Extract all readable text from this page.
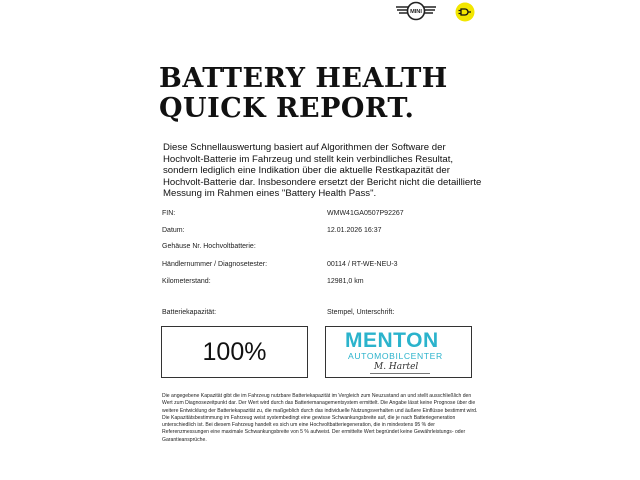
MINI
BATTERY HEALTH
QUICK REPORT.

Diese Schnellauswertung basiert auf Algorithmen der Software der Hochvolt-Batterie im Fahrzeug und stellt kein verbindliches Resultat, sondern lediglich eine Indikation über die aktuelle Restkapazität der Hochvolt-Batterie dar. Insbesondere ersetzt der Bericht nicht die detaillierte Messung im Rahmen eines "Battery Health Pass".

FIN:	WMW41GA0507P92267
Datum:	12.01.2026 16:37
Gehäuse Nr. Hochvoltbatterie:
Händlernummer / Diagnosetester:	00114 / RT-WE-NEU-3
Kilometerstand:	12981,0 km
Batteriekapazität:	Stempel, Unterschrift:
100%	MENTON
AUTOMOBILCENTER
M. Hartel

Die angegebene Kapazität gibt die im Fahrzeug nutzbare Batteriekapazität im Vergleich zum Neuzustand an und stellt ausschließlich den Wert zum Diagnosezeitpunkt dar. Der Wert wird durch das Batteriemanagementsystem ermittelt. Die Angabe lässt keine Prognose über die weitere Entwicklung der Batteriekapazität zu, die maßgeblich durch das individuelle Nutzungsverhalten und äußere Einflüsse bestimmt wird. Die Kapazitätsbestimmung im Fahrzeug weist systembedingt eine gewisse Schwankungsbreite auf, die je nach Batteriegeneration unterschiedlich ist. Bei diesem Fahrzeug handelt es sich um eine Hochvoltbatteriegeneration, die in mindestens 95 % der Referenzmessungen eine maximale Schwankungsbreite von 5 % aufweist. Der ermittelte Wert begründet keine Gewährleistungs- oder Garantieansprüche.
